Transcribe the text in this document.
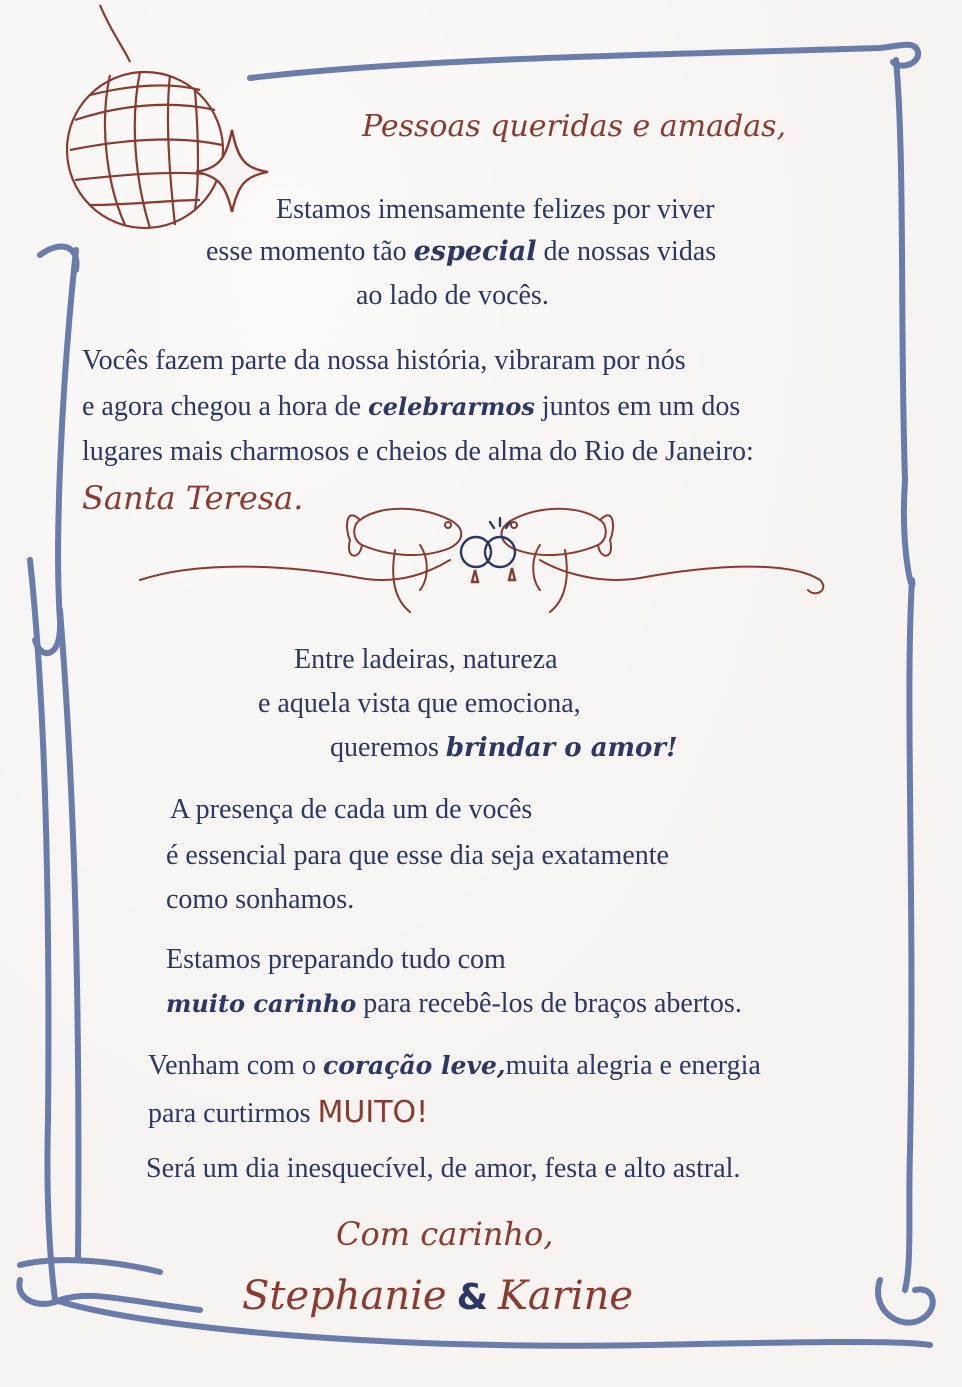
Pessoas queridas e amadas,
Estamos imensamente felizes por viver
esse momento tão especial de nossas vidas
ao lado de vocês.
Vocês fazem parte da nossa história, vibraram por nós
e agora chegou a hora de celebrarmos juntos em um dos
lugares mais charmosos e cheios de alma do Rio de Janeiro:
Santa Teresa.
Entre ladeiras, natureza
e aquela vista que emociona,
queremos brindar o amor!
A presença de cada um de vocês
é essencial para que esse dia seja exatamente
como sonhamos.
Estamos preparando tudo com
muito carinho para recebê-los de braços abertos.
Venham com o coração leve,muita alegria e energia
para curtirmos MUITO!
Será um dia inesquecível, de amor, festa e alto astral.
Com carinho,
Stephanie & Karine
